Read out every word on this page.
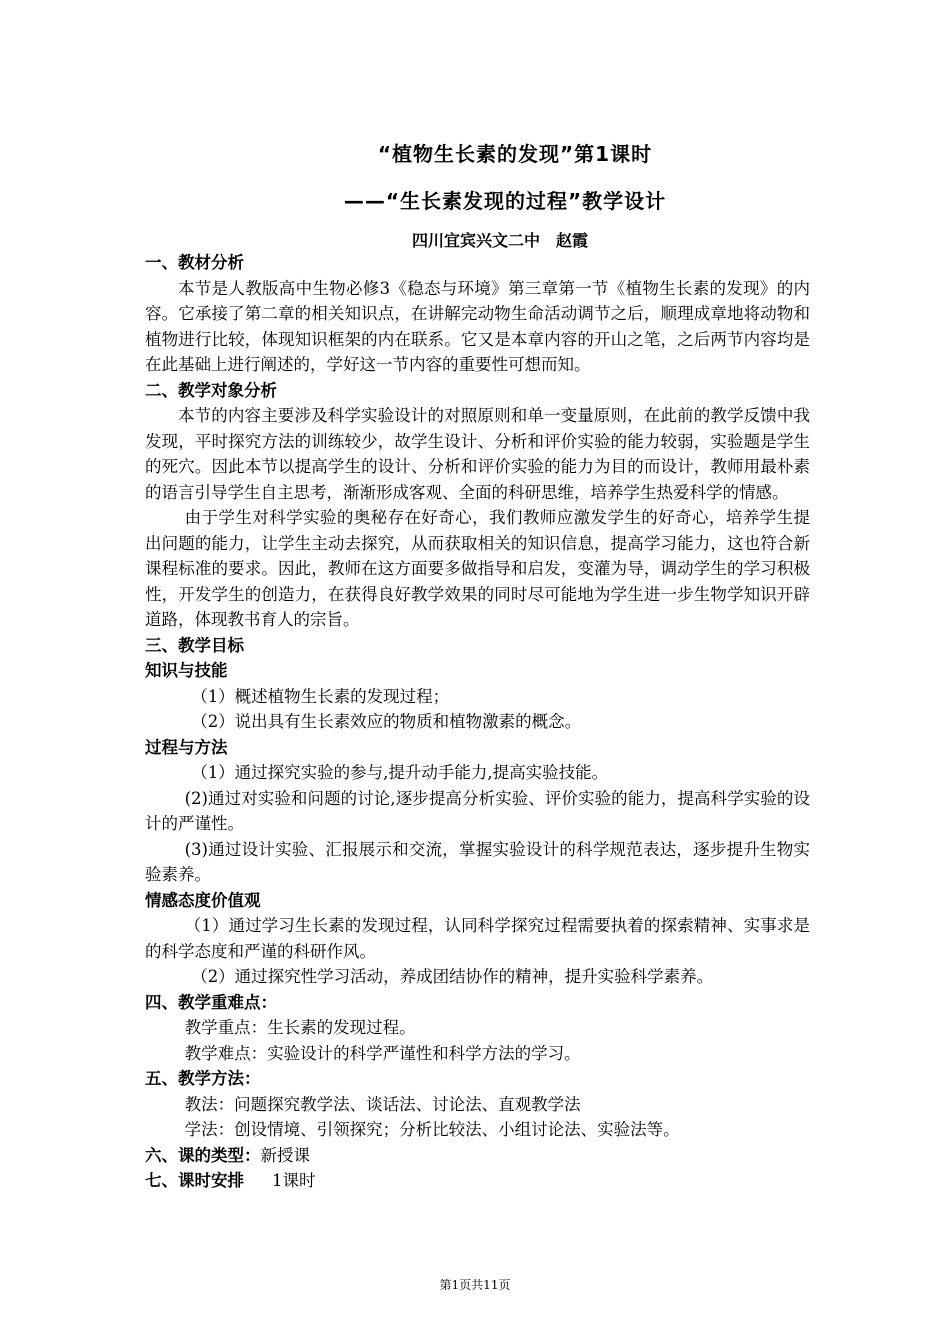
“植物生长素的发现”第1课时
——“生长素发现的过程”教学设计
四川宜宾兴文二中　赵霞
一、教材分析

本节是人教版高中生物必修3《稳态与环境》第三章第一节《植物生长素的发现》的内容。它承接了第二章的相关知识点，在讲解完动物生命活动调节之后，顺理成章地将动物和植物进行比较，体现知识框架的内在联系。它又是本章内容的开山之笔，之后两节内容均是在此基础上进行阐述的，学好这一节内容的重要性可想而知。

二、教学对象分析

本节的内容主要涉及科学实验设计的对照原则和单一变量原则，在此前的教学反馈中我发现，平时探究方法的训练较少，故学生设计、分析和评价实验的能力较弱，实验题是学生的死穴。因此本节以提高学生的设计、分析和评价实验的能力为目的而设计，教师用最朴素的语言引导学生自主思考，渐渐形成客观、全面的科研思维，培养学生热爱科学的情感。

由于学生对科学实验的奥秘存在好奇心，我们教师应激发学生的好奇心，培养学生提出问题的能力，让学生主动去探究，从而获取相关的知识信息，提高学习能力，这也符合新课程标准的要求。因此，教师在这方面要多做指导和启发，变灌为导，调动学生的学习积极性，开发学生的创造力，在获得良好教学效果的同时尽可能地为学生进一步生物学知识开辟道路，体现教书育人的宗旨。

三、教学目标
知识与技能

（1）概述植物生长素的发现过程；

（2）说出具有生长素效应的物质和植物激素的概念。

过程与方法

（1）通过探究实验的参与,提升动手能力,提高实验技能。

(2)通过对实验和问题的讨论,逐步提高分析实验、评价实验的能力，提高科学实验的设计的严谨性。

(3)通过设计实验、汇报展示和交流，掌握实验设计的科学规范表达，逐步提升生物实验素养。

情感态度价值观

（1）通过学习生长素的发现过程，认同科学探究过程需要执着的探索精神、实事求是的科学态度和严谨的科研作风。

（2）通过探究性学习活动，养成团结协作的精神，提升实验科学素养。

四、教学重难点：

教学重点：生长素的发现过程。

教学难点：实验设计的科学严谨性和科学方法的学习。

五、教学方法：

教法：问题探究教学法、谈话法、讨论法、直观教学法

学法：创设情境、引领探究；分析比较法、小组讨论法、实验法等。

六、课的类型：新授课
七、课时安排 1课时
第1页共11页
